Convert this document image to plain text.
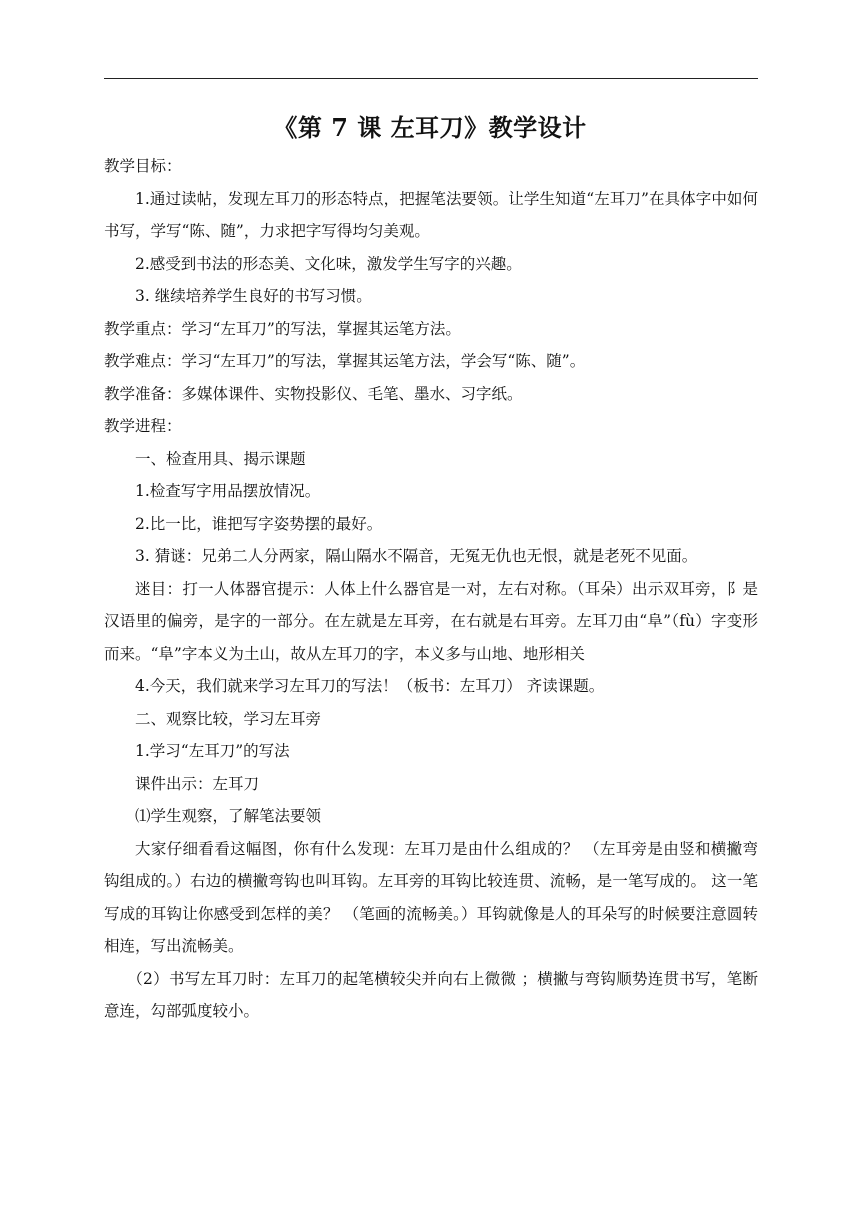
《第 7 课 左耳刀》教学设计

教学目标：

1.通过读帖，发现左耳刀的形态特点，把握笔法要领。让学生知道“左耳刀”在具体字中如何书写，学写“陈、随”，力求把字写得均匀美观。

2.感受到书法的形态美、文化味，激发学生写字的兴趣。

3. 继续培养学生良好的书写习惯。

教学重点：学习“左耳刀”的写法，掌握其运笔方法。

教学难点：学习“左耳刀”的写法，掌握其运笔方法，学会写“陈、随”。

教学准备：多媒体课件、实物投影仪、毛笔、墨水、习字纸。

教学进程：

一、检查用具、揭示课题

1.检查写字用品摆放情况。

2.比一比，谁把写字姿势摆的最好。

3. 猜谜：兄弟二人分两家，隔山隔水不隔音，无冤无仇也无恨，就是老死不见面。

迷目：打一人体器官提示：人体上什么器官是一对，左右对称。（耳朵）出示双耳旁，阝是汉语里的偏旁，是字的一部分。在左就是左耳旁，在右就是右耳旁。左耳刀由“阜”（fù）字变形而来。“阜”字本义为土山，故从左耳刀的字，本义多与山地、地形相关

4.今天，我们就来学习左耳刀的写法！（板书：左耳刀） 齐读课题。

二、观察比较，学习左耳旁

1.学习“左耳刀”的写法

课件出示：左耳刀

⑴学生观察，了解笔法要领

大家仔细看看这幅图，你有什么发现：左耳刀是由什么组成的？ （左耳旁是由竖和横撇弯钩组成的。）右边的横撇弯钩也叫耳钩。左耳旁的耳钩比较连贯、流畅，是一笔写成的。 这一笔写成的耳钩让你感受到怎样的美？ （笔画的流畅美。）耳钩就像是人的耳朵写的时候要注意圆转相连，写出流畅美。

（2）书写左耳刀时：左耳刀的起笔横较尖并向右上微微 ；横撇与弯钩顺势连贯书写，笔断意连，勾部弧度较小。
